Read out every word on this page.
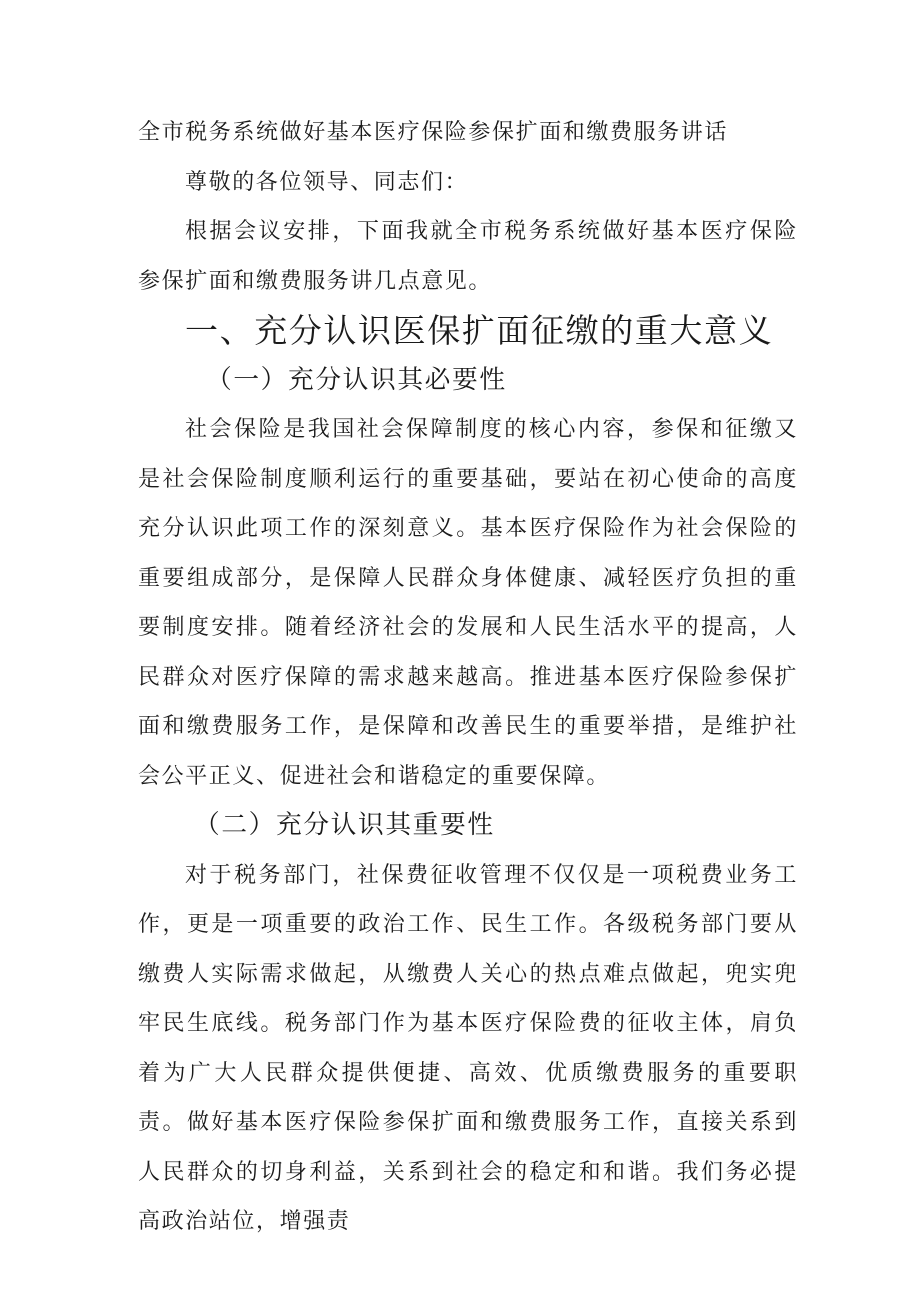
全市税务系统做好基本医疗保险参保扩面和缴费服务讲话

尊敬的各位领导、同志们：

根据会议安排，下面我就全市税务系统做好基本医疗保险参保扩面和缴费服务讲几点意见。

一、充分认识医保扩面征缴的重大意义
（一）充分认识其必要性

社会保险是我国社会保障制度的核心内容，参保和征缴又是社会保险制度顺利运行的重要基础，要站在初心使命的高度充分认识此项工作的深刻意义。基本医疗保险作为社会保险的重要组成部分，是保障人民群众身体健康、减轻医疗负担的重要制度安排。随着经济社会的发展和人民生活水平的提高，人民群众对医疗保障的需求越来越高。推进基本医疗保险参保扩面和缴费服务工作，是保障和改善民生的重要举措，是维护社会公平正义、促进社会和谐稳定的重要保障。

（二）充分认识其重要性

对于税务部门，社保费征收管理不仅仅是一项税费业务工作，更是一项重要的政治工作、民生工作。各级税务部门要从缴费人实际需求做起，从缴费人关心的热点难点做起，兜实兜牢民生底线。税务部门作为基本医疗保险费的征收主体，肩负着为广大人民群众提供便捷、高效、优质缴费服务的重要职责。做好基本医疗保险参保扩面和缴费服务工作，直接关系到人民群众的切身利益，关系到社会的稳定和和谐。我们务必提高政治站位，增强责
